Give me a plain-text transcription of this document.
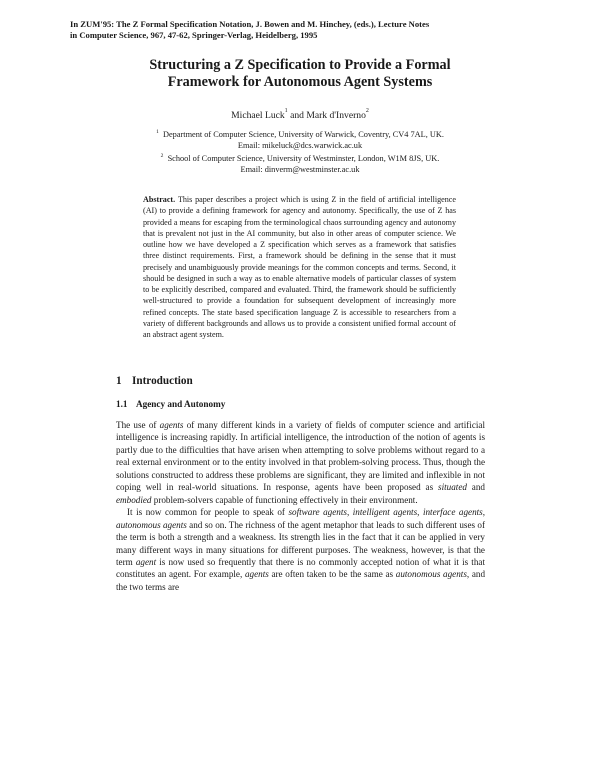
In ZUM'95: The Z Formal Specification Notation, J. Bowen and M. Hinchey, (eds.), Lecture Notes
in Computer Science, 967, 47-62, Springer-Verlag, Heidelberg, 1995
Structuring a Z Specification to Provide a Formal
Framework for Autonomous Agent Systems
Michael Luck$^1$ and Mark d'Inverno$^2$
$^1$ Department of Computer Science, University of Warwick, Coventry, CV4 7AL, UK.
Email: mikeluck@dcs.warwick.ac.uk
$^2$ School of Computer Science, University of Westminster, London, W1M 8JS, UK.
Email: dinverm@westminster.ac.uk
Abstract. This paper describes a project which is using Z in the field of artificial intelligence (AI) to provide a defining framework for agency and autonomy. Specifically, the use of Z has provided a means for escaping from the terminological chaos surrounding agency and autonomy that is prevalent not just in the AI community, but also in other areas of computer science. We outline how we have developed a Z specification which serves as a framework that satisfies three distinct requirements. First, a framework should be defining in the sense that it must precisely and unambiguously provide meanings for the common concepts and terms. Second, it should be designed in such a way as to enable alternative models of particular classes of system to be explicitly described, compared and evaluated. Third, the framework should be sufficiently well-structured to provide a foundation for subsequent development of increasingly more refined concepts. The state based specification language Z is accessible to researchers from a variety of different backgrounds and allows us to provide a consistent unified formal account of an abstract agent system.
1 Introduction
1.1 Agency and Autonomy

The use of agents of many different kinds in a variety of fields of computer science and artificial intelligence is increasing rapidly. In artificial intelligence, the introduction of the notion of agents is partly due to the difficulties that have arisen when attempting to solve problems without regard to a real external environment or to the entity involved in that problem-solving process. Thus, though the solutions constructed to address these problems are significant, they are limited and inflexible in not coping well in real-world situations. In response, agents have been proposed as situated and embodied problem-solvers capable of functioning effectively in their environment.

It is now common for people to speak of software agents, intelligent agents, interface agents, autonomous agents and so on. The richness of the agent metaphor that leads to such different uses of the term is both a strength and a weakness. Its strength lies in the fact that it can be applied in very many different ways in many situations for different purposes. The weakness, however, is that the term agent is now used so frequently that there is no commonly accepted notion of what it is that constitutes an agent. For example, agents are often taken to be the same as autonomous agents, and the two terms are
